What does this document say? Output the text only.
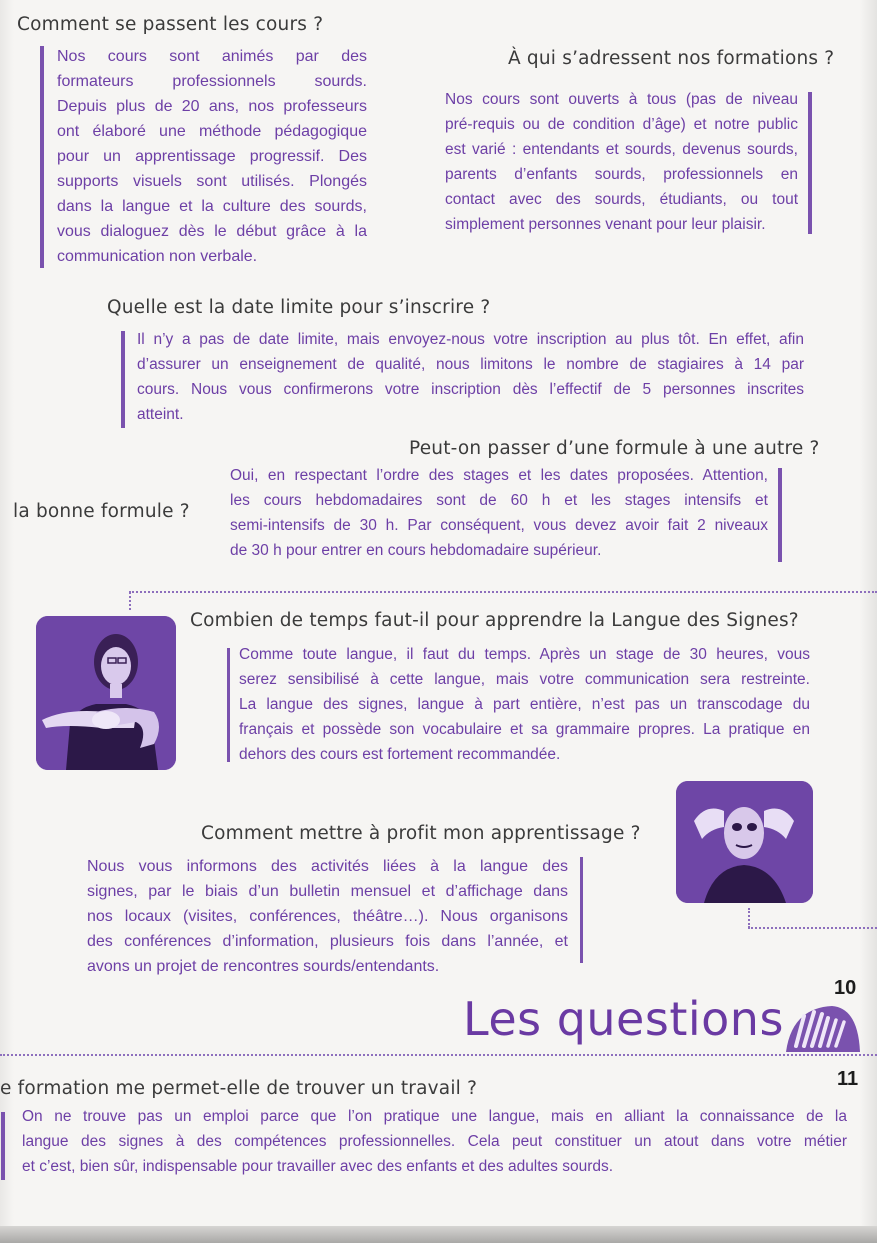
Comment se passent les cours ?
Nos cours sont animés par des
formateurs professionnels sourds.
Depuis plus de 20 ans, nos professeurs
ont élaboré une méthode pédagogique
pour un apprentissage progressif. Des
supports visuels sont utilisés. Plongés
dans la langue et la culture des sourds,
vous dialoguez dès le début grâce à la
communication non verbale.
À qui s’adressent nos formations ?
Nos cours sont ouverts à tous (pas de niveau
pré-requis ou de condition d’âge) et notre public
est varié : entendants et sourds, devenus sourds,
parents d’enfants sourds, professionnels en
contact avec des sourds, étudiants, ou tout
simplement personnes venant pour leur plaisir.
Quelle est la date limite pour s’inscrire ?
Il n’y a pas de date limite, mais envoyez-nous votre inscription au plus tôt. En effet, afin
d’assurer un enseignement de qualité, nous limitons le nombre de stagiaires à 14 par
cours. Nous vous confirmerons votre inscription dès l’effectif de 5 personnes inscrites
atteint.
Peut-on passer d’une formule à une autre ?
la bonne formule ?
Oui, en respectant l’ordre des stages et les dates proposées. Attention,
les cours hebdomadaires sont de 60 h et les stages intensifs et
semi-intensifs de 30 h. Par conséquent, vous devez avoir fait 2 niveaux
de 30 h pour entrer en cours hebdomadaire supérieur.
Combien de temps faut-il pour apprendre la Langue des Signes?
Comme toute langue, il faut du temps. Après un stage de 30 heures, vous
serez sensibilisé à cette langue, mais votre communication sera restreinte.
La langue des signes, langue à part entière, n’est pas un transcodage du
français et possède son vocabulaire et sa grammaire propres. La pratique en
dehors des cours est fortement recommandée.
Comment mettre à profit mon apprentissage ?
Nous vous informons des activités liées à la langue des
signes, par le biais d’un bulletin mensuel et d’affichage dans
nos locaux (visites, conférences, théâtre…). Nous organisons
des conférences d’information, plusieurs fois dans l’année, et
avons un projet de rencontres sourds/entendants.
10
Les questions
11
e formation me permet-elle de trouver un travail ?
On ne trouve pas un emploi parce que l’on pratique une langue, mais en alliant la connaissance de la
langue des signes à des compétences professionnelles. Cela peut constituer un atout dans votre métier
et c’est, bien sûr, indispensable pour travailler avec des enfants et des adultes sourds.
